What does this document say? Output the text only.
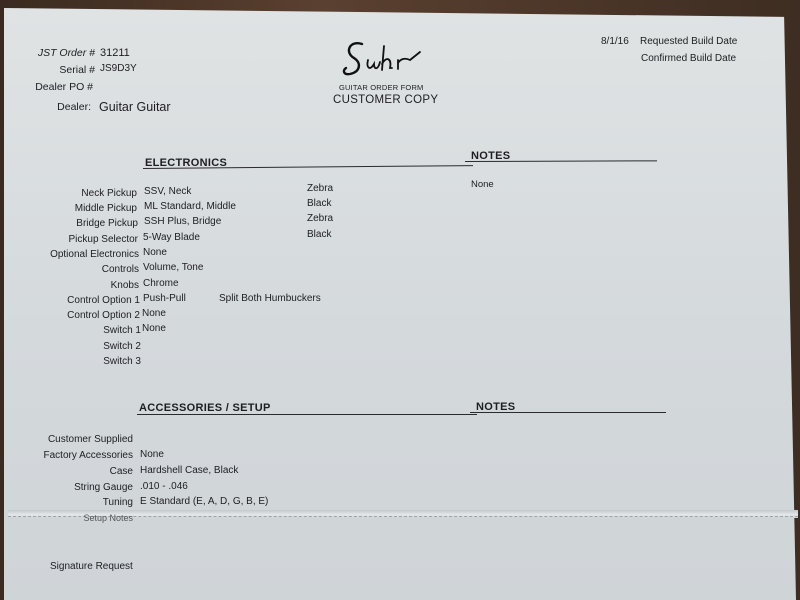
JST Order # 31211
Serial # JS9D3Y
Dealer PO #
Dealer: Guitar Guitar
GUITAR ORDER FORM
CUSTOMER COPY
8/1/16 Requested Build Date
Confirmed Build Date
ELECTRONICS
NOTES
None
Neck Pickup SSV, Neck	Zebra
Middle Pickup ML Standard, Middle	Black
Bridge Pickup SSH Plus, Bridge	Zebra
Pickup Selector 5-Way Blade	Black
Optional Electronics None
Controls Volume, Tone
Knobs Chrome
Control Option 1 Push-Pull	Split Both Humbuckers
Control Option 2 None
Switch 1 None
Switch 2
Switch 3
ACCESSORIES / SETUP	NOTES
Customer Supplied
Factory Accessories None
Case Hardshell Case, Black
String Gauge .010 - .046
Tuning E Standard (E, A, D, G, B, E)
Setup Notes
Signature Request
